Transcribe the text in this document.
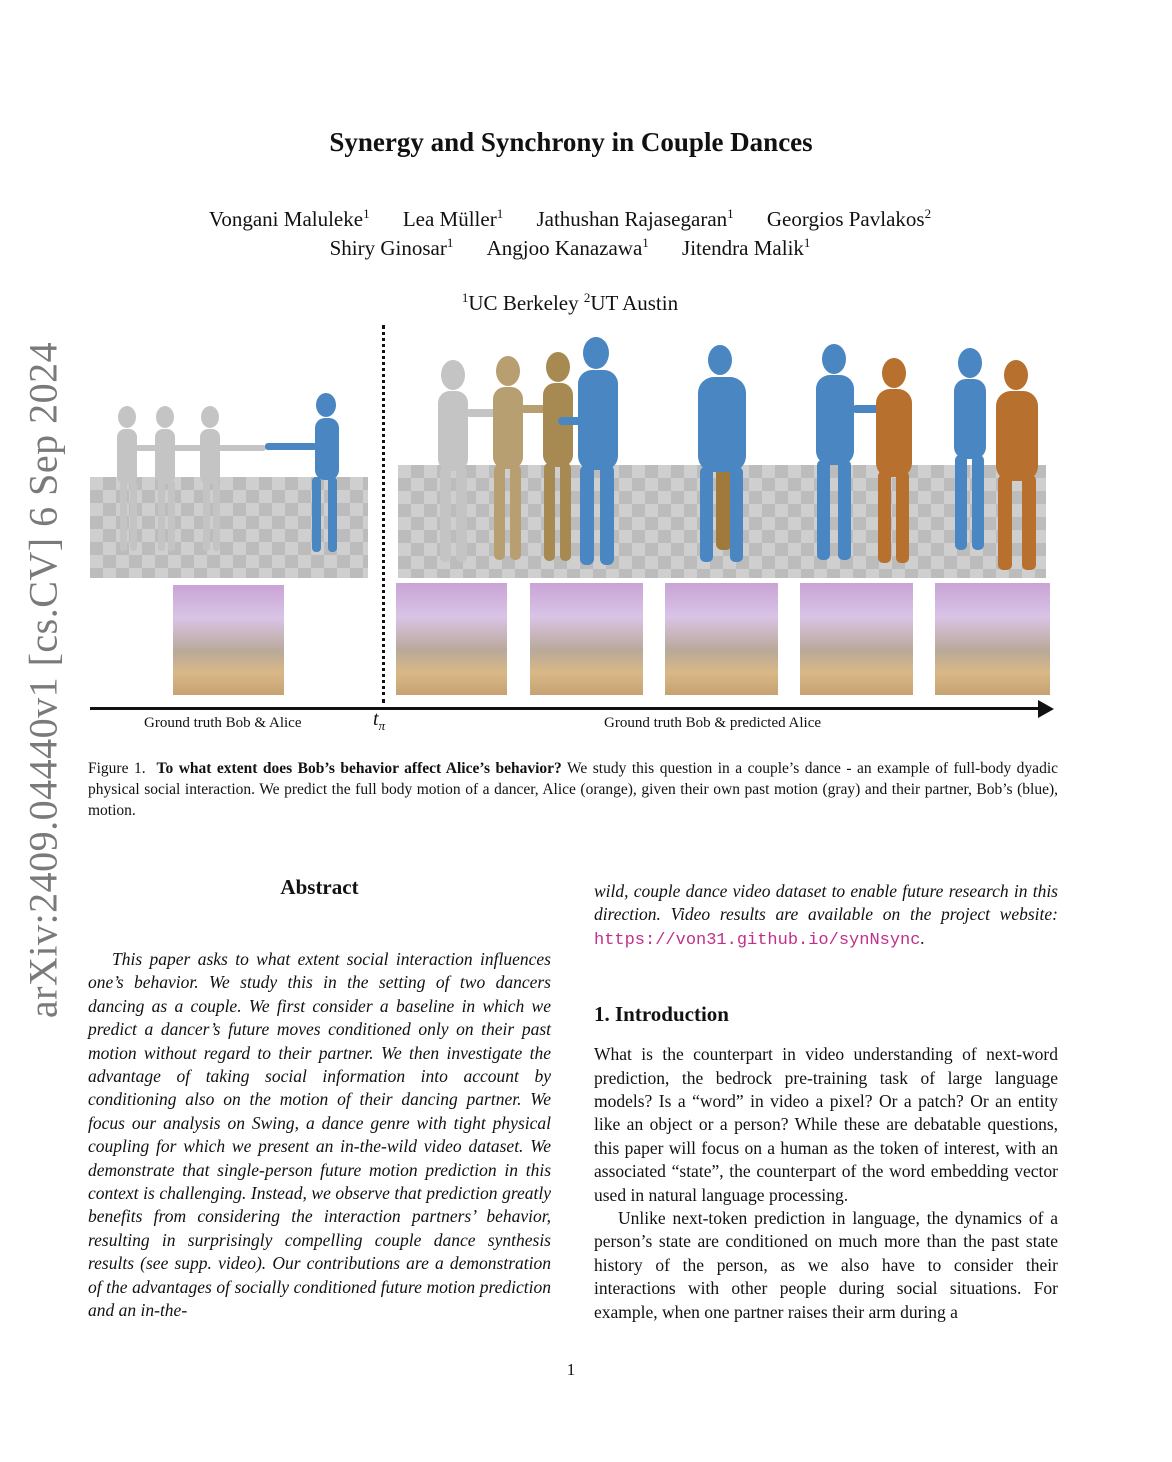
arXiv:2409.04440v1 [cs.CV] 6 Sep 2024
Synergy and Synchrony in Couple Dances
Vongani Maluleke$^1$ Lea Müller$^1$ Jathushan Rajasegaran$^1$ Georgios Pavlakos$^2$
Shiry Ginosar$^1$ Angjoo Kanazawa$^1$ Jitendra Malik$^1$
$^1$UC Berkeley $^2$UT Austin
Ground truth Bob & Alice	$t_\pi$	Ground truth Bob & predicted Alice
Figure 1. To what extent does Bob’s behavior affect Alice’s behavior? We study this question in a couple’s dance - an example of full-body dyadic physical social interaction. We predict the full body motion of a dancer, Alice (orange), given their own past motion (gray) and their partner, Bob’s (blue), motion.
Abstract

This paper asks to what extent social interaction influences one’s behavior. We study this in the setting of two dancers dancing as a couple. We first consider a baseline in which we predict a dancer’s future moves conditioned only on their past motion without regard to their partner. We then investigate the advantage of taking social information into account by conditioning also on the motion of their dancing partner. We focus our analysis on Swing, a dance genre with tight physical coupling for which we present an in-the-wild video dataset. We demonstrate that single-person future motion prediction in this context is challenging. Instead, we observe that prediction greatly benefits from considering the interaction partners’ behavior, resulting in surprisingly compelling couple dance synthesis results (see supp. video). Our contributions are a demonstration of the advantages of socially conditioned future motion prediction and an in-the-

wild, couple dance video dataset to enable future research in this direction. Video results are available on the project website: https://von31.github.io/synNsync.

1. Introduction

What is the counterpart in video understanding of next-word prediction, the bedrock pre-training task of large language models? Is a “word” in video a pixel? Or a patch? Or an entity like an object or a person? While these are debatable questions, this paper will focus on a human as the token of interest, with an associated “state”, the counterpart of the word embedding vector used in natural language processing.

Unlike next-token prediction in language, the dynamics of a person’s state are conditioned on much more than the past state history of the person, as we also have to consider their interactions with other people during social situations. For example, when one partner raises their arm during a

1
